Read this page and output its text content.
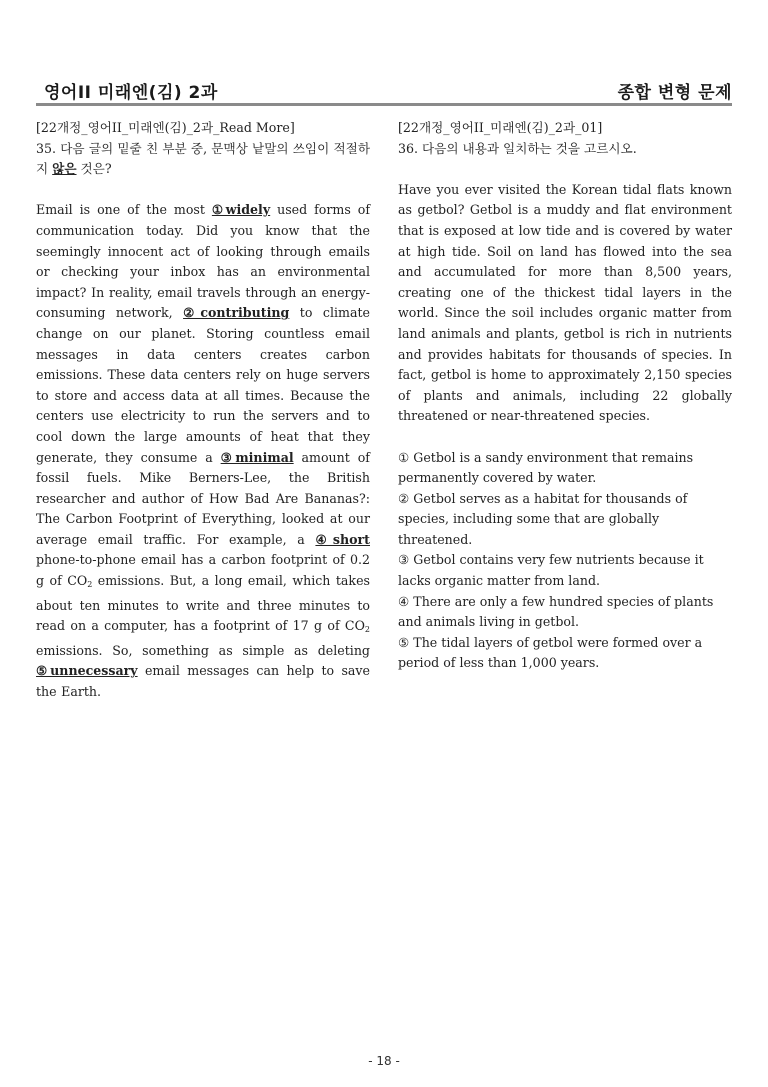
영어II 미래엔(김) 2과	종합 변형 문제
[22개정_영어II_미래엔(김)_2과_Read More]
35. 다음 글의 밑줄 친 부분 중, 문맥상 낱말의 쓰임이 적절하지 않은 것은?
Email is one of the most ①widely used forms of communication today. Did you know that the seemingly innocent act of looking through emails or checking your inbox has an environmental impact? In reality, email travels through an energy-consuming network, ②contributing to climate change on our planet. Storing countless email messages in data centers creates carbon emissions. These data centers rely on huge servers to store and access data at all times. Because the centers use electricity to run the servers and to cool down the large amounts of heat that they generate, they consume a ③minimal amount of fossil fuels. Mike Berners-Lee, the British researcher and author of How Bad Are Bananas?: The Carbon Footprint of Everything, looked at our average email traffic. For example, a ④short phone-to-phone email has a carbon footprint of 0.2 g of $CO_2$ emissions. But, a long email, which takes about ten minutes to write and three minutes to read on a computer, has a footprint of 17 g of $CO_2$ emissions. So, something as simple as deleting ⑤unnecessary email messages can help to save the Earth.
[22개정_영어II_미래엔(김)_2과_01]
36. 다음의 내용과 일치하는 것을 고르시오.
Have you ever visited the Korean tidal flats known as getbol? Getbol is a muddy and flat environment that is exposed at low tide and is covered by water at high tide. Soil on land has flowed into the sea and accumulated for more than 8,500 years, creating one of the thickest tidal layers in the world. Since the soil includes organic matter from land animals and plants, getbol is rich in nutrients and provides habitats for thousands of species. In fact, getbol is home to approximately 2,150 species of plants and animals, including 22 globally threatened or near-threatened species.
① Getbol is a sandy environment that remains permanently covered by water.
② Getbol serves as a habitat for thousands of species, including some that are globally threatened.
③ Getbol contains very few nutrients because it lacks organic matter from land.
④ There are only a few hundred species of plants and animals living in getbol.
⑤ The tidal layers of getbol were formed over a period of less than 1,000 years.
- 18 -
